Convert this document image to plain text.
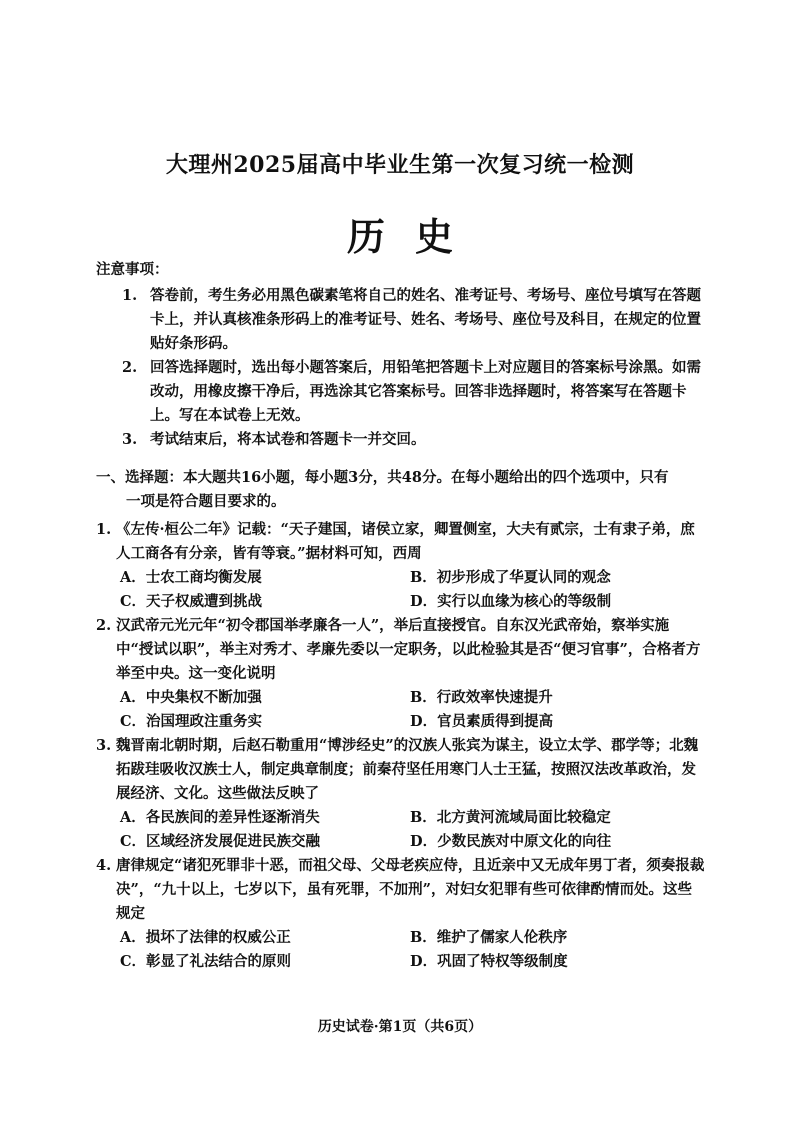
大理州2025届高中毕业生第一次复习统一检测
历史
注意事项：
1. 答卷前，考生务必用黑色碳素笔将自己的姓名、准考证号、考场号、座位号填写在答题卡上，并认真核准条形码上的准考证号、姓名、考场号、座位号及科目，在规定的位置贴好条形码。
2. 回答选择题时，选出每小题答案后，用铅笔把答题卡上对应题目的答案标号涂黑。如需改动，用橡皮擦干净后，再选涂其它答案标号。回答非选择题时，将答案写在答题卡上。写在本试卷上无效。
3. 考试结束后，将本试卷和答题卡一并交回。
一、选择题：本大题共16小题，每小题3分，共48分。在每小题给出的四个选项中，只有
一项是符合题目要求的。
1. 《左传·桓公二年》记载：“天子建国，诸侯立家，卿置侧室，大夫有贰宗，士有隶子弟，庶人工商各有分亲，皆有等衰。”据材料可知，西周
A．士农工商均衡发展	B．初步形成了华夏认同的观念
C．天子权威遭到挑战	D．实行以血缘为核心的等级制
2. 汉武帝元光元年“初令郡国举孝廉各一人”，举后直接授官。自东汉光武帝始，察举实施中“授试以职”，举主对秀才、孝廉先委以一定职务，以此检验其是否“便习官事”，合格者方举至中央。这一变化说明
A．中央集权不断加强	B．行政效率快速提升
C．治国理政注重务实	D．官员素质得到提高
3. 魏晋南北朝时期，后赵石勒重用“博涉经史”的汉族人张宾为谋主，设立太学、郡学等；北魏拓跋珪吸收汉族士人，制定典章制度；前秦苻坚任用寒门人士王猛，按照汉法改革政治，发展经济、文化。这些做法反映了
A．各民族间的差异性逐渐消失	B．北方黄河流域局面比较稳定
C．区域经济发展促进民族交融	D．少数民族对中原文化的向往
4. 唐律规定“诸犯死罪非十恶，而祖父母、父母老疾应侍，且近亲中又无成年男丁者，须奏报裁决”，“九十以上，七岁以下，虽有死罪，不加刑”，对妇女犯罪有些可依律酌情而处。这些规定
A．损坏了法律的权威公正	B．维护了儒家人伦秩序
C．彰显了礼法结合的原则	D．巩固了特权等级制度
历史试卷·第1页（共6页）
